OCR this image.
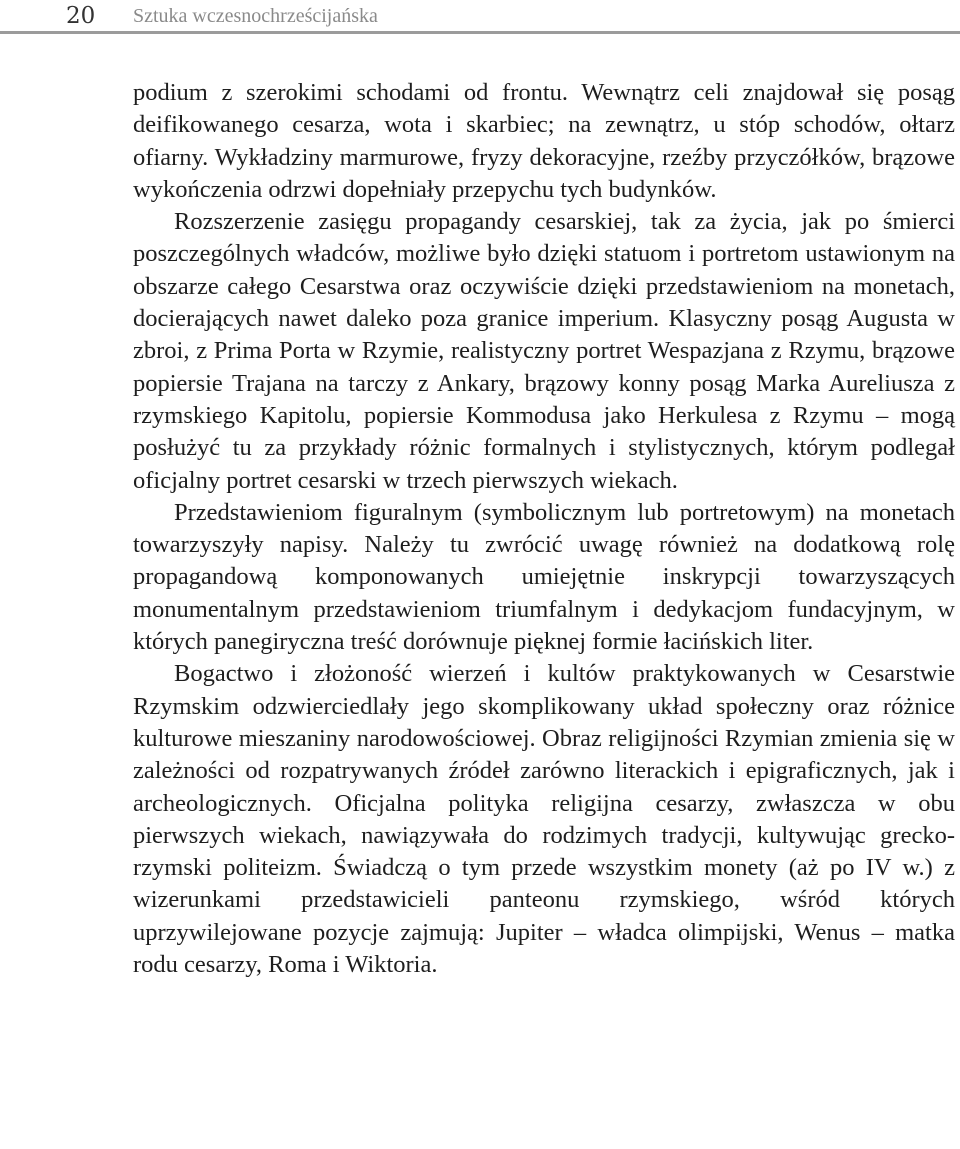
20 Sztuka wczesnochrześcijańska

podium z szerokimi schodami od frontu. Wewnątrz celi znajdował się posąg deifikowanego cesarza, wota i skarbiec; na zewnątrz, u stóp schodów, ołtarz ofiarny. Wykładziny marmurowe, fryzy dekoracyjne, rzeźby przyczółków, brązowe wykończenia odrzwi dopełniały przepychu tych budynków.

Rozszerzenie zasięgu propagandy cesarskiej, tak za życia, jak po śmierci poszczególnych władców, możliwe było dzięki statuom i portretom ustawionym na obszarze całego Cesarstwa oraz oczywiście dzięki przedstawieniom na monetach, docierających nawet daleko poza granice imperium. Klasyczny posąg Augusta w zbroi, z Prima Porta w Rzymie, realistyczny portret Wespazjana z Rzymu, brązowe popiersie Trajana na tarczy z Ankary, brązowy konny posąg Marka Aureliusza z rzymskiego Kapitolu, popiersie Kommodusa jako Herkulesa z Rzymu – mogą posłużyć tu za przykłady różnic formalnych i stylistycznych, którym podlegał oficjalny portret cesarski w trzech pierwszych wiekach.

Przedstawieniom figuralnym (symbolicznym lub portretowym) na monetach towarzyszyły napisy. Należy tu zwrócić uwagę również na dodatkową rolę propagandową komponowanych umiejętnie inskrypcji towarzyszących monumentalnym przedstawieniom triumfalnym i dedykacjom fundacyjnym, w których panegiryczna treść dorównuje pięknej formie łacińskich liter.

Bogactwo i złożoność wierzeń i kultów praktykowanych w Cesarstwie Rzymskim odzwierciedlały jego skomplikowany układ społeczny oraz różnice kulturowe mieszaniny narodowościowej. Obraz religijności Rzymian zmienia się w zależności od rozpatrywanych źródeł zarówno literackich i epigraficznych, jak i archeologicznych. Oficjalna polityka religijna cesarzy, zwłaszcza w obu pierwszych wiekach, nawiązywała do rodzimych tradycji, kultywując grecko-rzymski politeizm. Świadczą o tym przede wszystkim monety (aż po IV w.) z wizerunkami przedstawicieli panteonu rzymskiego, wśród których uprzywilejowane pozycje zajmują: Jupiter – władca olimpijski, Wenus – matka rodu cesarzy, Roma i Wiktoria.
